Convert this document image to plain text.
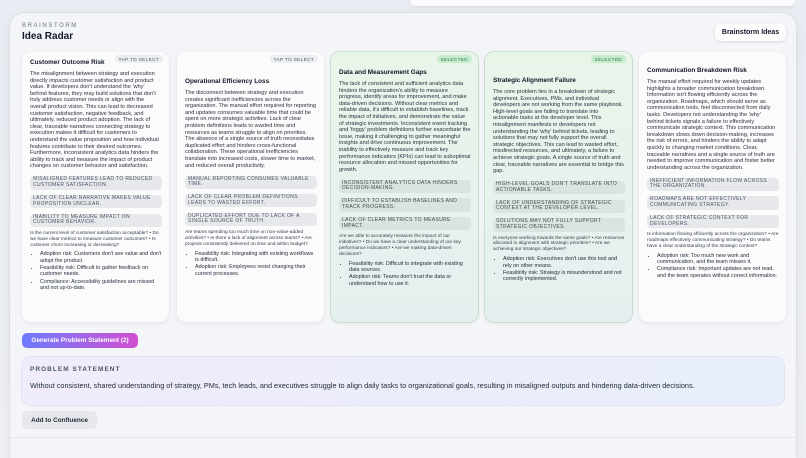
BRAINSTORM
Idea Radar	Brainstorm Ideas
TAP TO SELECT
Customer Outcome Risk
The misalignment between strategy and execution directly impacts customer satisfaction and product value. If developers don't understand the 'why' behind features, they may build solutions that don't truly address customer needs or align with the overall product vision. This can lead to decreased customer satisfaction, negative feedback, and ultimately, reduced product adoption. The lack of clear, traceable narratives connecting strategy to execution makes it difficult for customers to understand the value proposition and how individual features contribute to their desired outcomes. Furthermore, inconsistent analytics data hinders the ability to track and measure the impact of product changes on customer behavior and satisfaction.
MISALIGNED FEATURES LEAD TO REDUCED CUSTOMER SATISFACTION. LACK OF CLEAR NARRATIVE MAKES VALUE PROPOSITION UNCLEAR. INABILITY TO MEASURE IMPACT ON CUSTOMER BEHAVIOR.
Is the current level of customer satisfaction acceptable? • Do we have clear metrics to measure customer outcomes? • Is customer churn increasing or decreasing?
• Adoption risk: Customers don't see value and don't adopt the product.
• Feasibility risk: Difficult to gather feedback on customer needs.
• Compliance: Accessibility guidelines are missed and not up-to-date.
TAP TO SELECT
Operational Efficiency Loss
The disconnect between strategy and execution creates significant inefficiencies across the organization. The manual effort required for reporting and updates consumes valuable time that could be spent on more strategic activities. Lack of clear problem definitions leads to wasted time and resources as teams struggle to align on priorities. The absence of a single source of truth necessitates duplicated effort and hinders cross-functional collaboration. These operational inefficiencies translate into increased costs, slower time to market, and reduced overall productivity.
MANUAL REPORTING CONSUMES VALUABLE TIME. LACK OF CLEAR PROBLEM DEFINITIONS LEADS TO WASTED EFFORT. DUPLICATED EFFORT DUE TO LACK OF A SINGLE SOURCE OF TRUTH.
Are teams spending too much time on non-value-added activities? • Is there a lack of alignment across teams? • Are projects consistently delivered on time and within budget?
• Feasibility risk: Integrating with existing workflows is difficult.
• Adoption risk: Employees resist changing their current processes.
SELECTED
Data and Measurement Gaps
The lack of consistent and sufficient analytics data hinders the organization's ability to measure progress, identify areas for improvement, and make data-driven decisions. Without clear metrics and reliable data, it's difficult to establish baselines, track the impact of initiatives, and demonstrate the value of strategic investments. Inconsistent event tracking and 'foggy' problem definitions further exacerbate the issue, making it challenging to gather meaningful insights and drive continuous improvement. The inability to effectively measure and track key performance indicators (KPIs) can lead to suboptimal resource allocation and missed opportunities for growth.
INCONSISTENT ANALYTICS DATA HINDERS DECISION-MAKING. DIFFICULT TO ESTABLISH BASELINES AND TRACK PROGRESS. LACK OF CLEAR METRICS TO MEASURE IMPACT.
Are we able to accurately measure the impact of our initiatives? • Do we have a clear understanding of our key performance indicators? • Are we making data-driven decisions?
• Feasibility risk: Difficult to integrate with existing data sources.
• Adoption risk: Teams don't trust the data or understand how to use it.
SELECTED
Strategic Alignment Failure
The core problem lies in a breakdown of strategic alignment. Executives, PMs, and individual developers are not working from the same playbook. High-level goals are failing to translate into actionable tasks at the developer level. This misalignment manifests in developers not understanding the 'why' behind tickets, leading to solutions that may not fully support the overall strategic objectives. This can lead to wasted effort, misdirected resources, and ultimately, a failure to achieve strategic goals. A single source of truth and clear, traceable narratives are essential to bridge this gap.
HIGH-LEVEL GOALS DON'T TRANSLATE INTO ACTIONABLE TASKS. LACK OF UNDERSTANDING OF STRATEGIC CONTEXT AT THE DEVELOPER LEVEL. SOLUTIONS MAY NOT FULLY SUPPORT STRATEGIC OBJECTIVES.
Is everyone working towards the same goals? • Are resources allocated in alignment with strategic priorities? • Are we achieving our strategic objectives?
• Adoption risk: Executives don't use this tool and rely on other means.
• Feasibility risk: Strategy is misunderstood and not correctly implemented.
Communication Breakdown Risk
The manual effort required for weekly updates highlights a broader communication breakdown. Information isn't flowing efficiently across the organization. Roadmaps, which should serve as communication tools, feel disconnected from daily tasks. Developers not understanding the 'why' behind tickets signals a failure to effectively communicate strategic context. This communication breakdown slows down decision-making, increases the risk of errors, and hinders the ability to adapt quickly to changing market conditions. Clear, traceable narratives and a single source of truth are needed to improve communication and foster better understanding across the organization.
INEFFICIENT INFORMATION FLOW ACROSS THE ORGANIZATION. ROADMAPS ARE NOT EFFECTIVELY COMMUNICATING STRATEGY. LACK OF STRATEGIC CONTEXT FOR DEVELOPERS.
Is information flowing efficiently across the organization? • Are roadmaps effectively communicating strategy? • Do teams have a clear understanding of the strategic context?
• Adoption risk: Too much new work and communication, and the team misses it.
• Compliance risk: Important updates are not read, and the team operates without correct information.
Generate Problem Statement (2)
PROBLEM STATEMENT
Without consistent, shared understanding of strategy, PMs, tech leads, and executives struggle to align daily tasks to organizational goals, resulting in misaligned outputs and hindering data-driven decisions.
Add to Confluence
